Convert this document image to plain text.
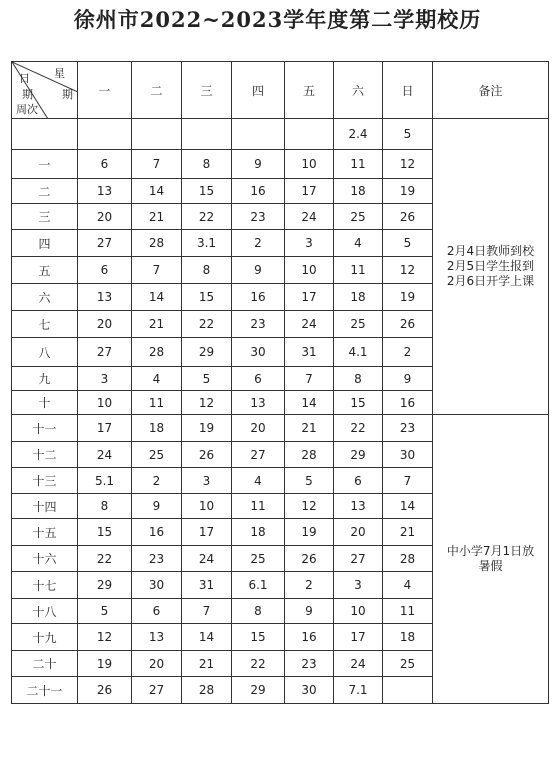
徐州市2022~2023学年度第二学期校历
星
期
日
期
周次	一	二	三	四	五	六	日	备注
						2.4	5	2月4日教师到校
2月5日学生报到
2月6日开学上课

一	6	7	8	9	10	11	12	
二	13	14	15	16	17	18	19	
三	20	21	22	23	24	25	26	
四	27	28	3.1	2	3	4	5	
五	6	7	8	9	10	11	12	
六	13	14	15	16	17	18	19	
七	20	21	22	23	24	25	26	
八	27	28	29	30	31	4.1	2	
九	3	4	5	6	7	8	9	
十	10	11	12	13	14	15	16	
十一	17	18	19	20	21	22	23	中小学7月1日放
暑假

十二	24	25	26	27	28	29	30	
十三	5.1	2	3	4	5	6	7	
十四	8	9	10	11	12	13	14	
十五	15	16	17	18	19	20	21	
十六	22	23	24	25	26	27	28	
十七	29	30	31	6.1	2	3	4	
十八	5	6	7	8	9	10	11	
十九	12	13	14	15	16	17	18	
二十	19	20	21	22	23	24	25	
二十一	26	27	28	29	30	7.1		
